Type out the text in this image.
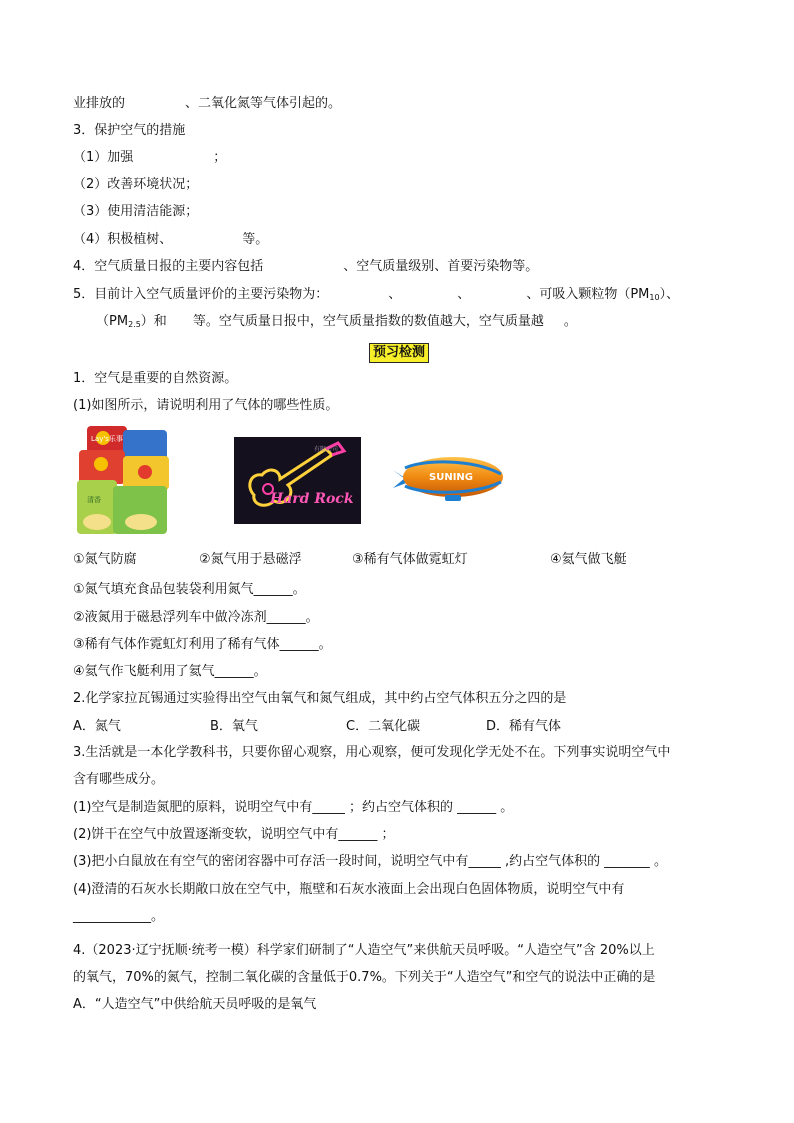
业排放的	、二氧化氮等气体引起的。
3．保护空气的措施
（1）加强	；
（2）改善环境状况；
（3）使用清洁能源；
（4）积极植树、	等。
4．空气质量日报的主要内容包括	、空气质量级别、首要污染物等。
5．目前计入空气质量评价的主要污染物为：	、	、	、可吸入颗粒物$(PM_{10})$、
$(PM_{2.5})$和 等。空气质量日报中，空气质量指数的数值越大，空气质量越 。
预习检测
1．空气是重要的自然资源。
(1)如图所示，请说明利用了气体的哪些性质。
Lay's乐事
清香	Hard Rock
有限公司
SUNING
①氮气防腐	②氮气用于悬磁浮	③稀有气体做霓虹灯	④氦气做飞艇
①氮气填充食品包装袋利用氮气______。
②液氮用于磁悬浮列车中做冷冻剂______。
③稀有气体作霓虹灯利用了稀有气体______。
④氦气作飞艇利用了氦气______。
2.化学家拉瓦锡通过实验得出空气由氧气和氮气组成，其中约占空气体积五分之四的是
A．氮气	B．氧气	C．二氧化碳	D．稀有气体
3.生活就是一本化学教科书，只要你留心观察，用心观察，便可发现化学无处不在。下列事实说明空气中
含有哪些成分。
(1)空气是制造氮肥的原料，说明空气中有_____ ；约占空气体积的 ______ 。
(2)饼干在空气中放置逐渐变软，说明空气中有______ ；
(3)把小白鼠放在有空气的密闭容器中可存活一段时间，说明空气中有_____ ,约占空气体积的 _______ 。
(4)澄清的石灰水长期敞口放在空气中，瓶壁和石灰水液面上会出现白色固体物质，说明空气中有
____________。
4.（2023·辽宁抚顺·统考一模）科学家们研制了“人造空气”来供航天员呼吸。“人造空气”含 20%以上
的氧气，70%的氮气，控制二氧化碳的含量低于0.7%。下列关于“人造空气”和空气的说法中正确的是
A．“人造空气”中供给航天员呼吸的是氧气
